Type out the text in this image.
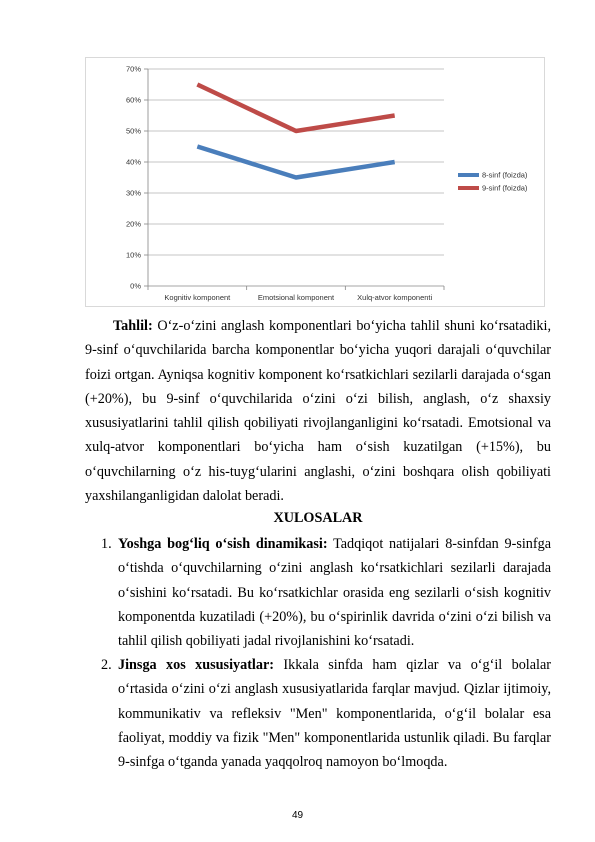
0%
10%
20%
30%
40%
50%
60%
70%
Kognitiv komponent	Emotsional komponent	Xulq-atvor komponenti
8-sinf (foizda)
9-sinf (foizda)
Tahlil: O‘z-o‘zini anglash komponentlari bo‘yicha tahlil shuni ko‘rsatadiki, 9-sinf o‘quvchilarida barcha komponentlar bo‘yicha yuqori darajali o‘quvchilar foizi ortgan. Ayniqsa kognitiv komponent ko‘rsatkichlari sezilarli darajada o‘sgan (+20%), bu 9-sinf o‘quvchilarida o‘zini o‘zi bilish, anglash, o‘z shaxsiy xususiyatlarini tahlil qilish qobiliyati rivojlanganligini ko‘rsatadi. Emotsional va xulq-atvor komponentlari bo‘yicha ham o‘sish kuzatilgan (+15%), bu o‘quvchilarning o‘z his-tuyg‘ularini anglashi, o‘zini boshqara olish qobiliyati yaxshilanganligidan dalolat beradi.
XULOSALAR
1. Yoshga bog‘liq o‘sish dinamikasi: Tadqiqot natijalari 8-sinfdan 9-sinfga o‘tishda o‘quvchilarning o‘zini anglash ko‘rsatkichlari sezilarli darajada o‘sishini ko‘rsatadi. Bu ko‘rsatkichlar orasida eng sezilarli o‘sish kognitiv komponentda kuzatiladi (+20%), bu o‘spirinlik davrida o‘zini o‘zi bilish va tahlil qilish qobiliyati jadal rivojlanishini ko‘rsatadi.
2. Jinsga xos xususiyatlar: Ikkala sinfda ham qizlar va o‘g‘il bolalar o‘rtasida o‘zini o‘zi anglash xususiyatlarida farqlar mavjud. Qizlar ijtimoiy, kommunikativ va refleksiv "Men" komponentlarida, o‘g‘il bolalar esa faoliyat, moddiy va fizik "Men" komponentlarida ustunlik qiladi. Bu farqlar 9-sinfga o‘tganda yanada yaqqolroq namoyon bo‘lmoqda.
49
